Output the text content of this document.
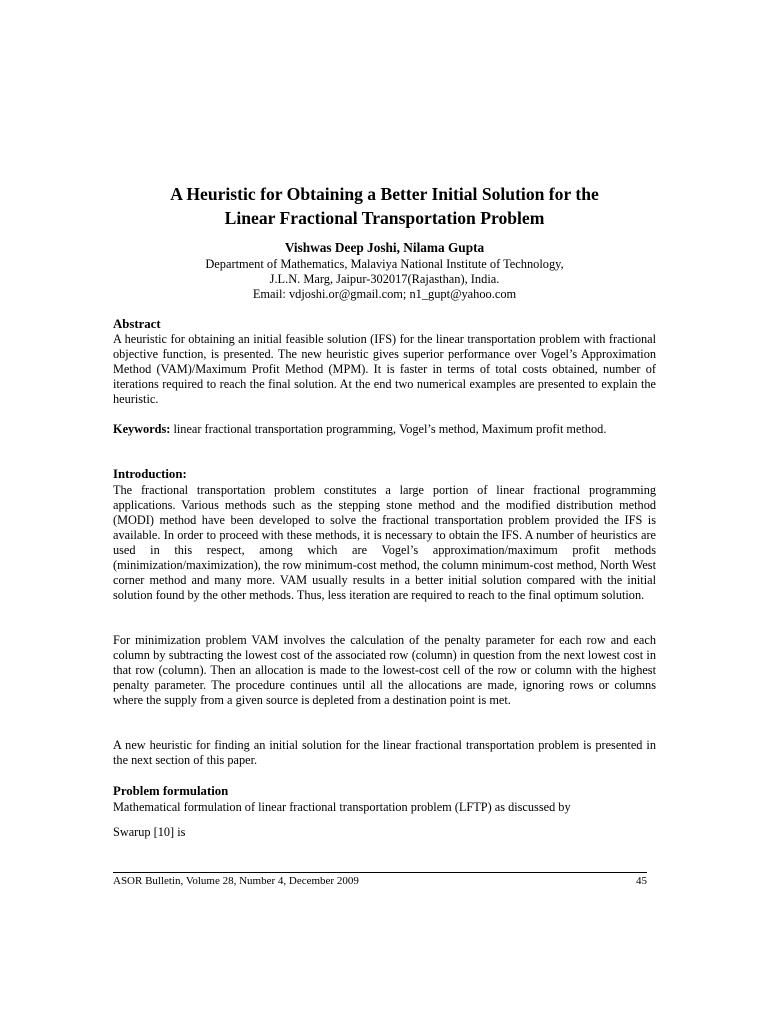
A Heuristic for Obtaining a Better Initial Solution for the
Linear Fractional Transportation Problem
Vishwas Deep Joshi, Nilama Gupta
Department of Mathematics, Malaviya National Institute of Technology,
J.L.N. Marg, Jaipur-302017(Rajasthan), India.
Email: vdjoshi.or@gmail.com; n1_gupt@yahoo.com
Abstract

A heuristic for obtaining an initial feasible solution (IFS) for the linear transportation problem with fractional objective function, is presented. The new heuristic gives superior performance over Vogel’s Approximation Method (VAM)/Maximum Profit Method (MPM). It is faster in terms of total costs obtained, number of iterations required to reach the final solution. At the end two numerical examples are presented to explain the heuristic.

Keywords: linear fractional transportation programming, Vogel’s method, Maximum profit method.

Introduction:

The fractional transportation problem constitutes a large portion of linear fractional programming applications. Various methods such as the stepping stone method and the modified distribution method (MODI) method have been developed to solve the fractional transportation problem provided the IFS is available. In order to proceed with these methods, it is necessary to obtain the IFS. A number of heuristics are used in this respect, among which are Vogel’s approximation/maximum profit methods (minimization/maximization), the row minimum-cost method, the column minimum-cost method, North West corner method and many more. VAM usually results in a better initial solution compared with the initial solution found by the other methods. Thus, less iteration are required to reach to the final optimum solution.

For minimization problem VAM involves the calculation of the penalty parameter for each row and each column by subtracting the lowest cost of the associated row (column) in question from the next lowest cost in that row (column). Then an allocation is made to the lowest-cost cell of the row or column with the highest penalty parameter. The procedure continues until all the allocations are made, ignoring rows or columns where the supply from a given source is depleted from a destination point is met.

A new heuristic for finding an initial solution for the linear fractional transportation problem is presented in the next section of this paper.

Problem formulation

Mathematical formulation of linear fractional transportation problem (LFTP) as discussed by

Swarup [10] is

ASOR Bulletin, Volume 28, Number 4, December 2009	45
